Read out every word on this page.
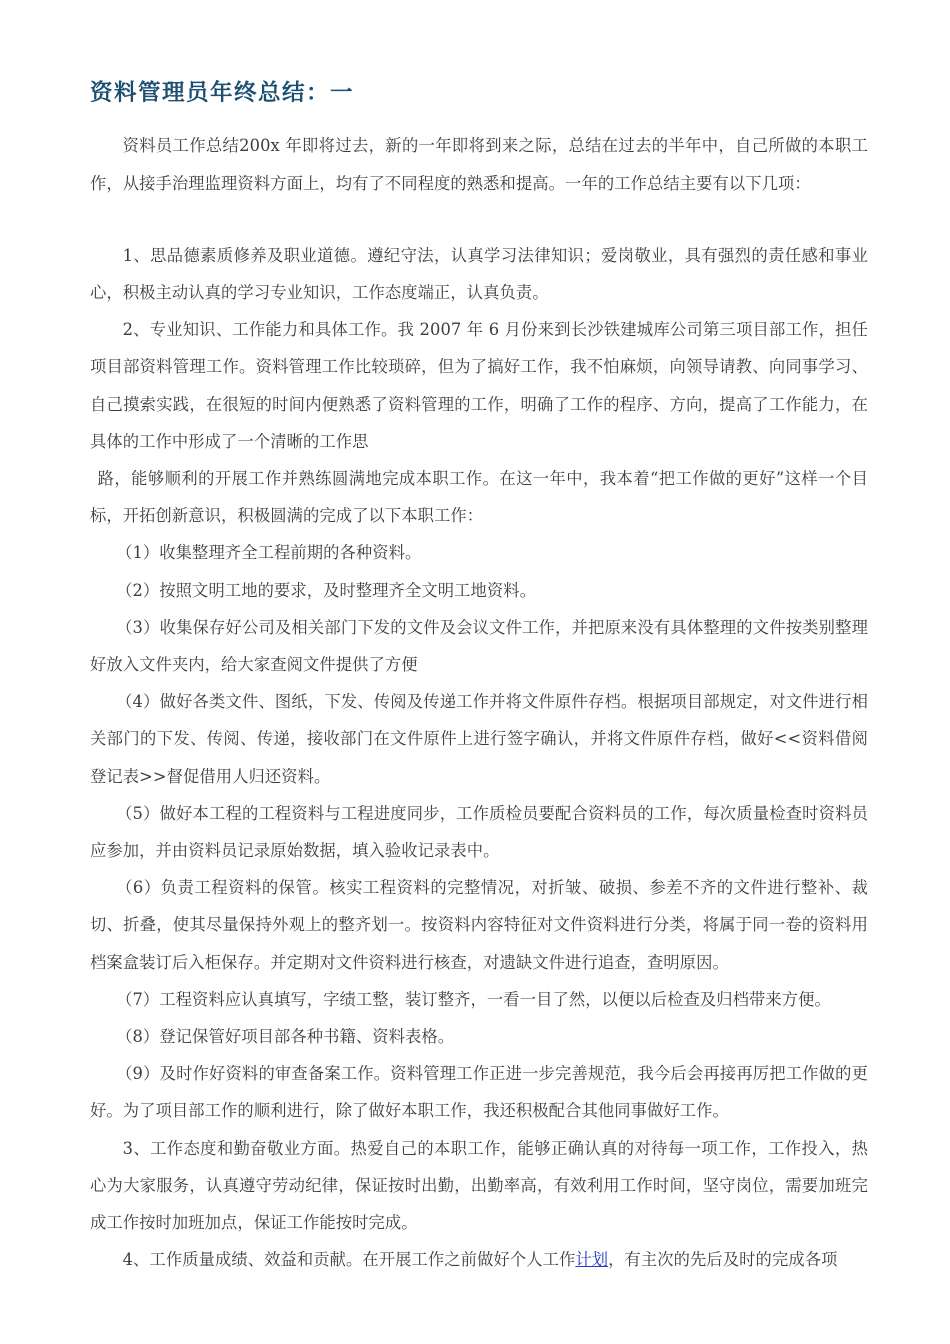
资料管理员年终总结：一

资料员工作总结200x 年即将过去，新的一年即将到来之际，总结在过去的半年中，自己所做的本职工作，从接手治理监理资料方面上，均有了不同程度的熟悉和提高。一年的工作总结主要有以下几项：

1、思品德素质修养及职业道德。遵纪守法，认真学习法律知识；爱岗敬业，具有强烈的责任感和事业心，积极主动认真的学习专业知识，工作态度端正，认真负责。

2、专业知识、工作能力和具体工作。我 2007 年 6 月份来到长沙铁建城库公司第三项目部工作，担任项目部资料管理工作。资料管理工作比较琐碎，但为了搞好工作，我不怕麻烦，向领导请教、向同事学习、自己摸索实践，在很短的时间内便熟悉了资料管理的工作，明确了工作的程序、方向，提高了工作能力，在具体的工作中形成了一个清晰的工作思

路，能够顺利的开展工作并熟练圆满地完成本职工作。在这一年中，我本着“把工作做的更好”这样一个目标，开拓创新意识，积极圆满的完成了以下本职工作：

（1）收集整理齐全工程前期的各种资料。

（2）按照文明工地的要求，及时整理齐全文明工地资料。

（3）收集保存好公司及相关部门下发的文件及会议文件工作，并把原来没有具体整理的文件按类别整理好放入文件夹内，给大家查阅文件提供了方便

（4）做好各类文件、图纸，下发、传阅及传递工作并将文件原件存档。根据项目部规定，对文件进行相关部门的下发、传阅、传递，接收部门在文件原件上进行签字确认，并将文件原件存档，做好<<资料借阅登记表>>督促借用人归还资料。

（5）做好本工程的工程资料与工程进度同步，工作质检员要配合资料员的工作，每次质量检查时资料员应参加，并由资料员记录原始数据，填入验收记录表中。

（6）负责工程资料的保管。核实工程资料的完整情况，对折皱、破损、参差不齐的文件进行整补、裁切、折叠，使其尽量保持外观上的整齐划一。按资料内容特征对文件资料进行分类，将属于同一卷的资料用档案盒装订后入柜保存。并定期对文件资料进行核查，对遗缺文件进行追查，查明原因。

（7）工程资料应认真填写，字绩工整，装订整齐，一看一目了然，以便以后检查及归档带来方便。

（8）登记保管好项目部各种书籍、资料表格。

（9）及时作好资料的审查备案工作。资料管理工作正进一步完善规范，我今后会再接再厉把工作做的更好。为了项目部工作的顺利进行，除了做好本职工作，我还积极配合其他同事做好工作。

3、工作态度和勤奋敬业方面。热爱自己的本职工作，能够正确认真的对待每一项工作，工作投入，热心为大家服务，认真遵守劳动纪律，保证按时出勤，出勤率高，有效利用工作时间，坚守岗位，需要加班完成工作按时加班加点，保证工作能按时完成。

4、工作质量成绩、效益和贡献。在开展工作之前做好个人工作计划，有主次的先后及时的完成各项
